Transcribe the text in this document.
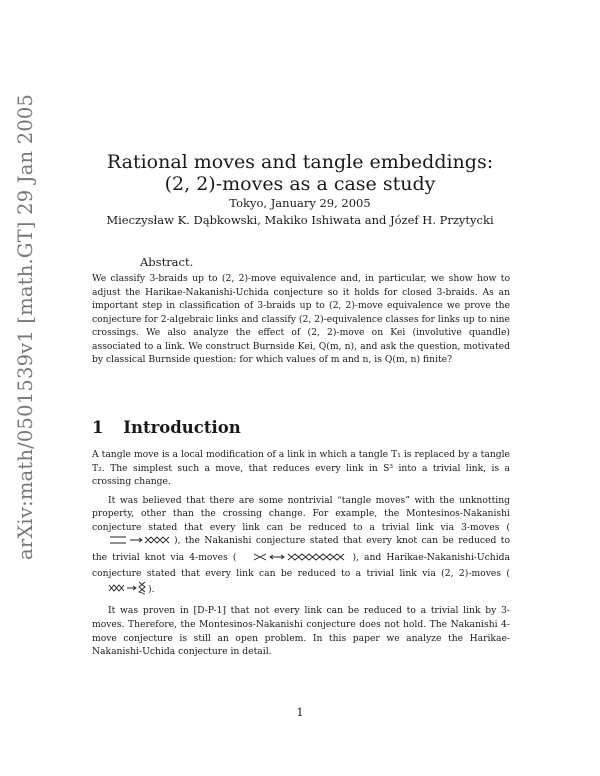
arXiv:math/0501539v1 [math.GT] 29 Jan 2005	Rational moves and tangle embeddings:
(2, 2)-moves as a case study
Tokyo, January 29, 2005
Mieczysław K. Dąbkowski, Makiko Ishiwata and Józef H. Przytycki
Abstract.

We classify 3-braids up to (2, 2)-move equivalence and, in particular, we show how to adjust the Harikae-Nakanishi-Uchida conjecture so it holds for closed 3-braids. As an important step in classification of 3-braids up to (2, 2)-move equivalence we prove the conjecture for 2-algebraic links and classify (2, 2)-equivalence classes for links up to nine crossings. We also analyze the effect of (2, 2)-move on Kei (involutive quandle) associated to a link. We construct Burnside Kei, Q(m, n), and ask the question, motivated by classical Burnside question: for which values of m and n, is Q(m, n) finite?

1 Introduction

A tangle move is a local modification of a link in which a tangle T₁ is replaced by a tangle T₂. The simplest such a move, that reduces every link in S³ into a trivial link, is a crossing change.

It was believed that there are some nontrivial “tangle moves” with the unknotting property, other than the crossing change. For example, the Montesinos-Nakanishi conjecture stated that every link can be reduced to a trivial link via 3-moves (), the Nakanishi conjecture stated that every knot can be reduced to the trivial knot via 4-moves (	), and Harikae-Nakanishi-Uchida conjecture stated that every link can be reduced to a trivial link via (2, 2)-moves ().

It was proven in [D-P-1] that not every link can be reduced to a trivial link by 3-moves. Therefore, the Montesinos-Nakanishi conjecture does not hold. The Nakanishi 4-move conjecture is still an open problem. In this paper we analyze the Harikae-Nakanishi-Uchida conjecture in detail.

1
